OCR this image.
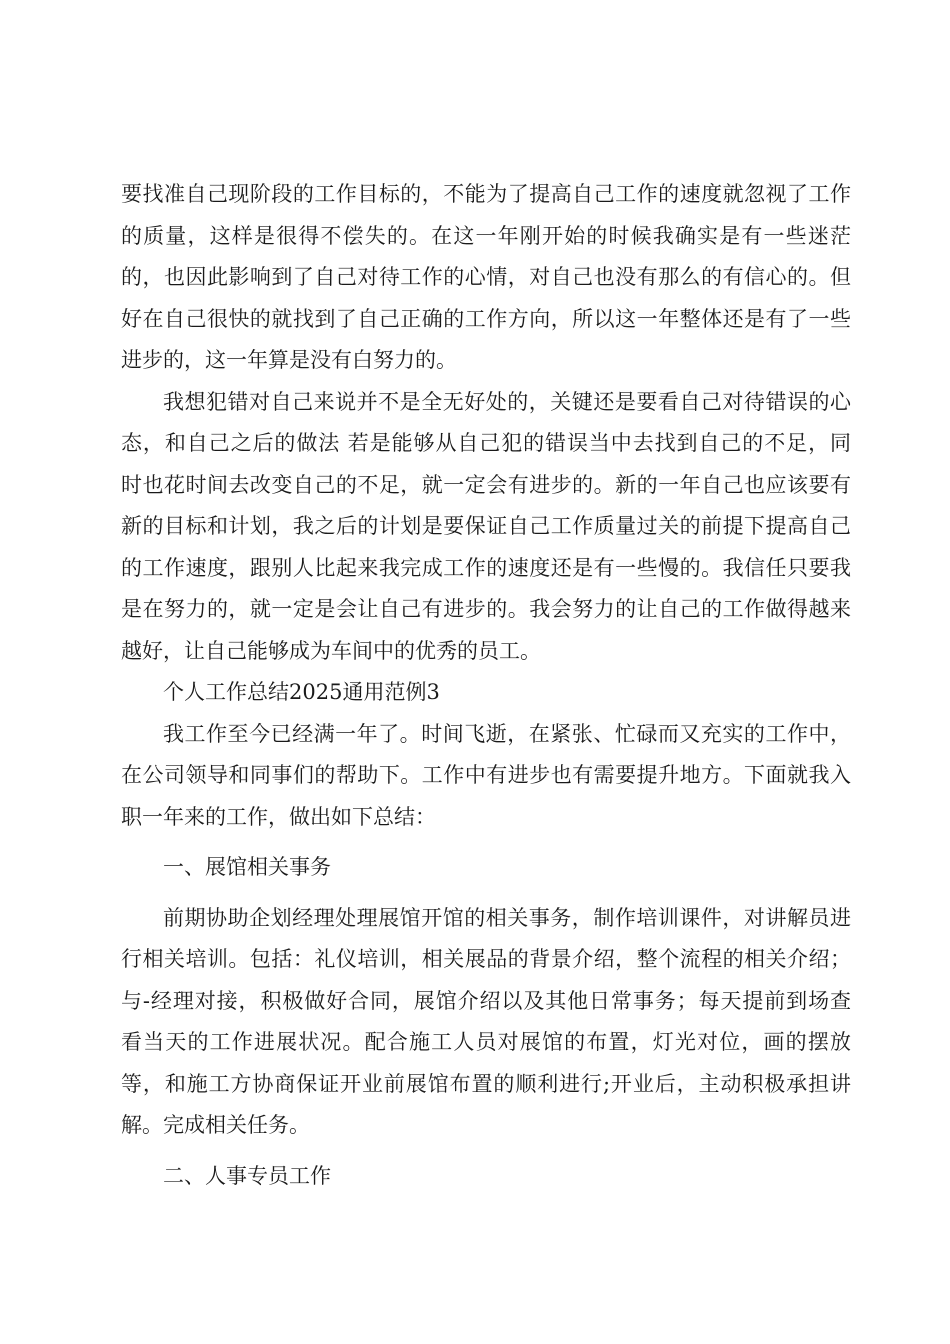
要找准自己现阶段的工作目标的，不能为了提高自己工作的速度就忽视了工作
的质量，这样是很得不偿失的。在这一年刚开始的时候我确实是有一些迷茫
的，也因此影响到了自己对待工作的心情，对自己也没有那么的有信心的。但
好在自己很快的就找到了自己正确的工作方向，所以这一年整体还是有了一些
进步的，这一年算是没有白努力的。
我想犯错对自己来说并不是全无好处的，关键还是要看自己对待错误的心
态，和自己之后的做法 若是能够从自己犯的错误当中去找到自己的不足，同
时也花时间去改变自己的不足，就一定会有进步的。新的一年自己也应该要有
新的目标和计划，我之后的计划是要保证自己工作质量过关的前提下提高自己
的工作速度，跟别人比起来我完成工作的速度还是有一些慢的。我信任只要我
是在努力的，就一定是会让自己有进步的。我会努力的让自己的工作做得越来
越好，让自己能够成为车间中的优秀的员工。
个人工作总结2025通用范例3
我工作至今已经满一年了。时间飞逝，在紧张、忙碌而又充实的工作中，
在公司领导和同事们的帮助下。工作中有进步也有需要提升地方。下面就我入
职一年来的工作，做出如下总结：
一、展馆相关事务
前期协助企划经理处理展馆开馆的相关事务，制作培训课件，对讲解员进
行相关培训。包括：礼仪培训，相关展品的背景介绍，整个流程的相关介绍；
与-经理对接，积极做好合同，展馆介绍以及其他日常事务；每天提前到场查
看当天的工作进展状况。配合施工人员对展馆的布置，灯光对位，画的摆放
等，和施工方协商保证开业前展馆布置的顺利进行;开业后，主动积极承担讲
解。完成相关任务。
二、人事专员工作
